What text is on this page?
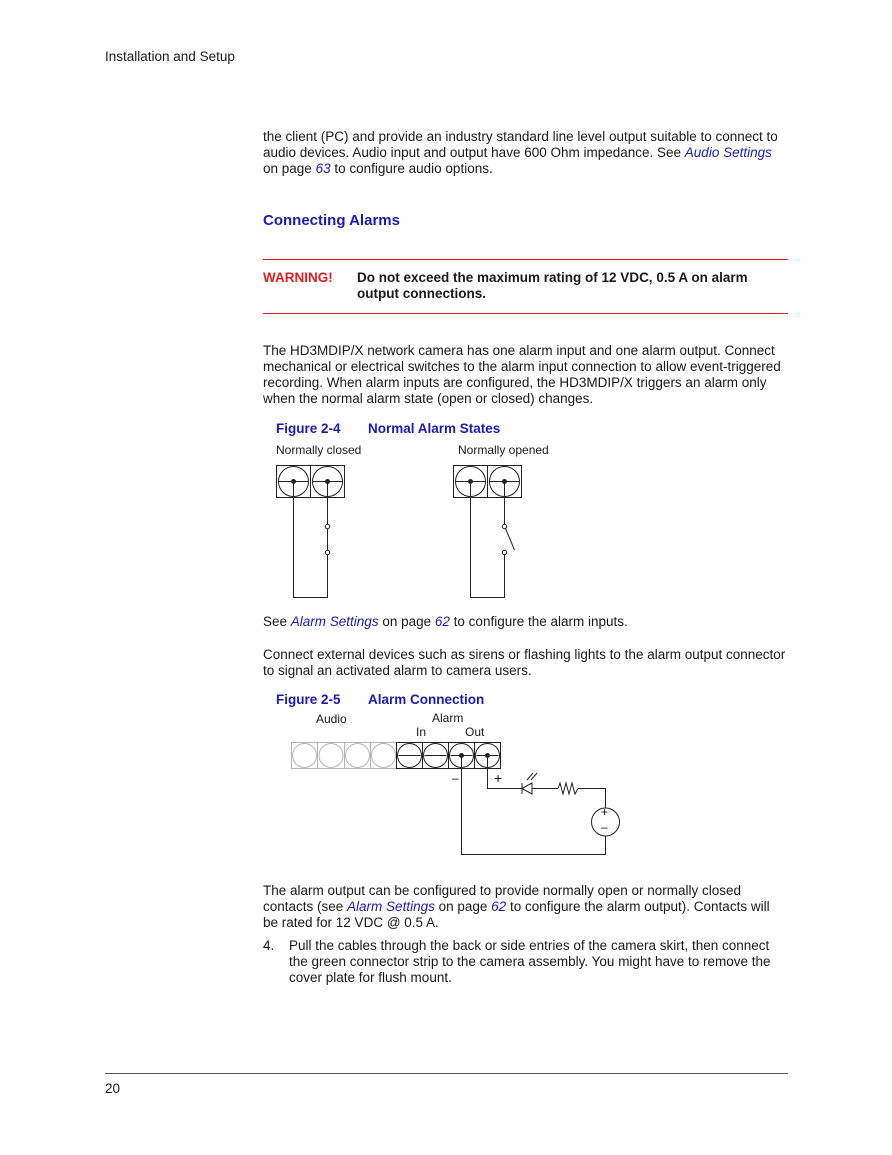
Installation and Setup
the client (PC) and provide an industry standard line level output suitable to connect to audio devices. Audio input and output have 600 Ohm impedance. See Audio Settings on page 63 to configure audio options.
Connecting Alarms
WARNING! Do not exceed the maximum rating of 12 VDC, 0.5 A on alarm output connections.
The HD3MDIP/X network camera has one alarm input and one alarm output. Connect mechanical or electrical switches to the alarm input connection to allow event-triggered recording. When alarm inputs are configured, the HD3MDIP/X triggers an alarm only when the normal alarm state (open or closed) changes.
Figure 2-4 Normal Alarm States
Normally closed	Normally opened
See Alarm Settings on page 62 to configure the alarm inputs.
Connect external devices such as sirens or flashing lights to the alarm output connector to signal an activated alarm to camera users.
Figure 2-5 Alarm Connection
Audio	Alarm
In	Out
–	+
+
–
The alarm output can be configured to provide normally open or normally closed contacts (see Alarm Settings on page 62 to configure the alarm output). Contacts will be rated for 12 VDC @ 0.5 A.
4. Pull the cables through the back or side entries of the camera skirt, then connect the green connector strip to the camera assembly. You might have to remove the cover plate for flush mount.
20
